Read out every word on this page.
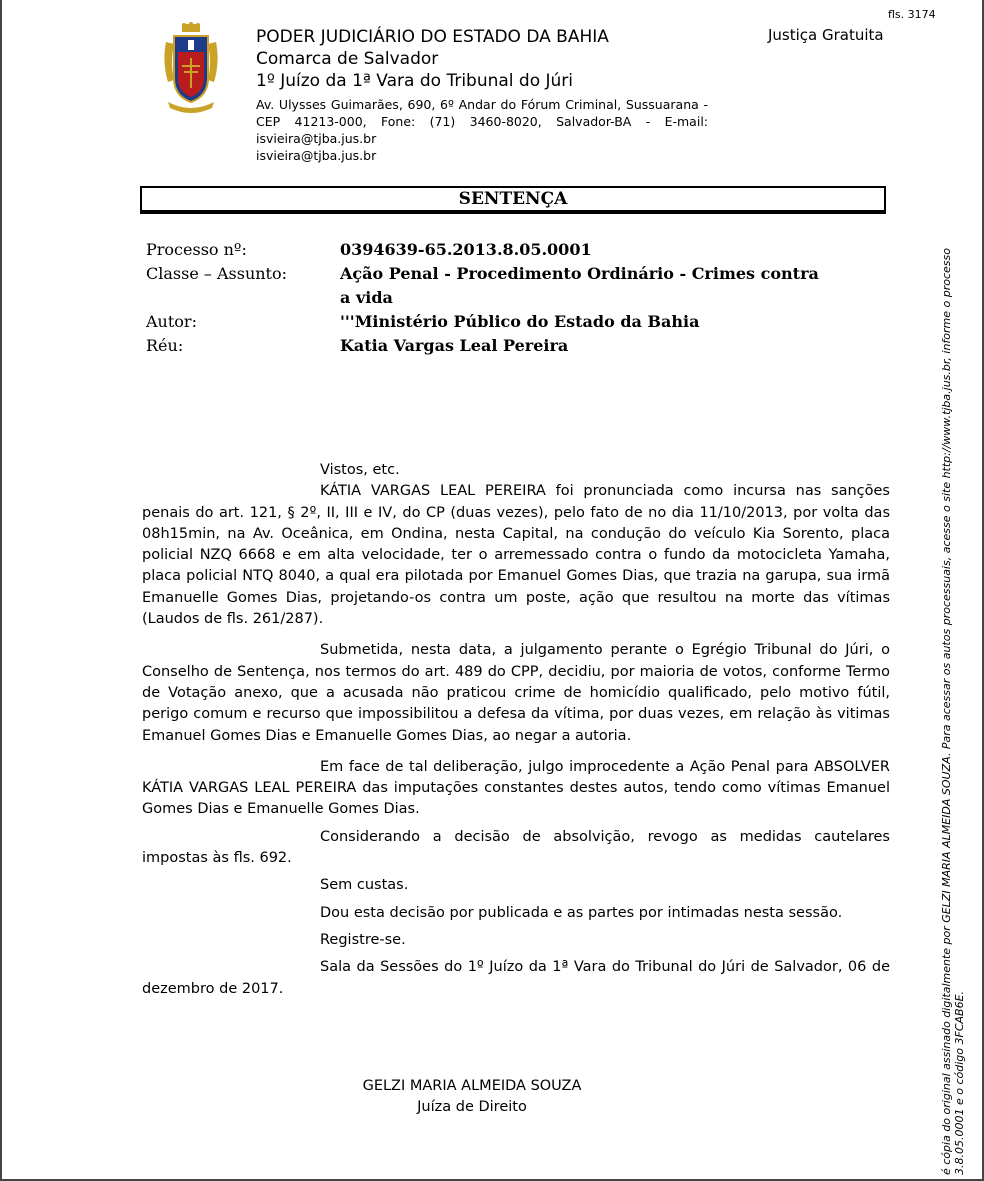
fls. 3174
Justiça Gratuita
PODER JUDICIÁRIO DO ESTADO DA BAHIA
Comarca de Salvador
1º Juízo da 1ª Vara do Tribunal do Júri
Av. Ulysses Guimarães, 690, 6º Andar do Fórum Criminal, Sussuarana - CEP 41213-000, Fone: (71) 3460-8020, Salvador-BA - E-mail: isvieira@tjba.jus.br
isvieira@tjba.jus.br
SENTENÇA
Processo nº:	0394639-65.2013.8.05.0001
Classe – Assunto:	Ação Penal - Procedimento Ordinário - Crimes contra a vida
Autor:	'''Ministério Público do Estado da Bahia
Réu:	Katia Vargas Leal Pereira

Vistos, etc.

KÁTIA VARGAS LEAL PEREIRA foi pronunciada como incursa nas sanções penais do art. 121, § 2º, II, III e IV, do CP (duas vezes), pelo fato de no dia 11/10/2013, por volta das 08h15min, na Av. Oceânica, em Ondina, nesta Capital, na condução do veículo Kia Sorento, placa policial NZQ 6668 e em alta velocidade, ter o arremessado contra o fundo da motocicleta Yamaha, placa policial NTQ 8040, a qual era pilotada por Emanuel Gomes Dias, que trazia na garupa, sua irmã Emanuelle Gomes Dias, projetando-os contra um poste, ação que resultou na morte das vítimas (Laudos de fls. 261/287).

Submetida, nesta data, a julgamento perante o Egrégio Tribunal do Júri, o Conselho de Sentença, nos termos do art. 489 do CPP, decidiu, por maioria de votos, conforme Termo de Votação anexo, que a acusada não praticou crime de homicídio qualificado, pelo motivo fútil, perigo comum e recurso que impossibilitou a defesa da vítima, por duas vezes, em relação às vitimas Emanuel Gomes Dias e Emanuelle Gomes Dias, ao negar a autoria.

Em face de tal deliberação, julgo improcedente a Ação Penal para ABSOLVER KÁTIA VARGAS LEAL PEREIRA das imputações constantes destes autos, tendo como vítimas Emanuel Gomes Dias e Emanuelle Gomes Dias.

Considerando a decisão de absolvição, revogo as medidas cautelares impostas às fls. 692.

Sem custas.

Dou esta decisão por publicada e as partes por intimadas nesta sessão.

Registre-se.

Sala da Sessões do 1º Juízo da 1ª Vara do Tribunal do Júri de Salvador, 06 de dezembro de 2017.

GELZI MARIA ALMEIDA SOUZA
Juíza de Direito	é cópia do original assinado digitalmente por GELZI MARIA ALMEIDA SOUZA. Para acessar os autos processuais, acesse o site http://www.tjba.jus.br, informe o processo 3.8.05.0001 e o código 3FCAB6E.
